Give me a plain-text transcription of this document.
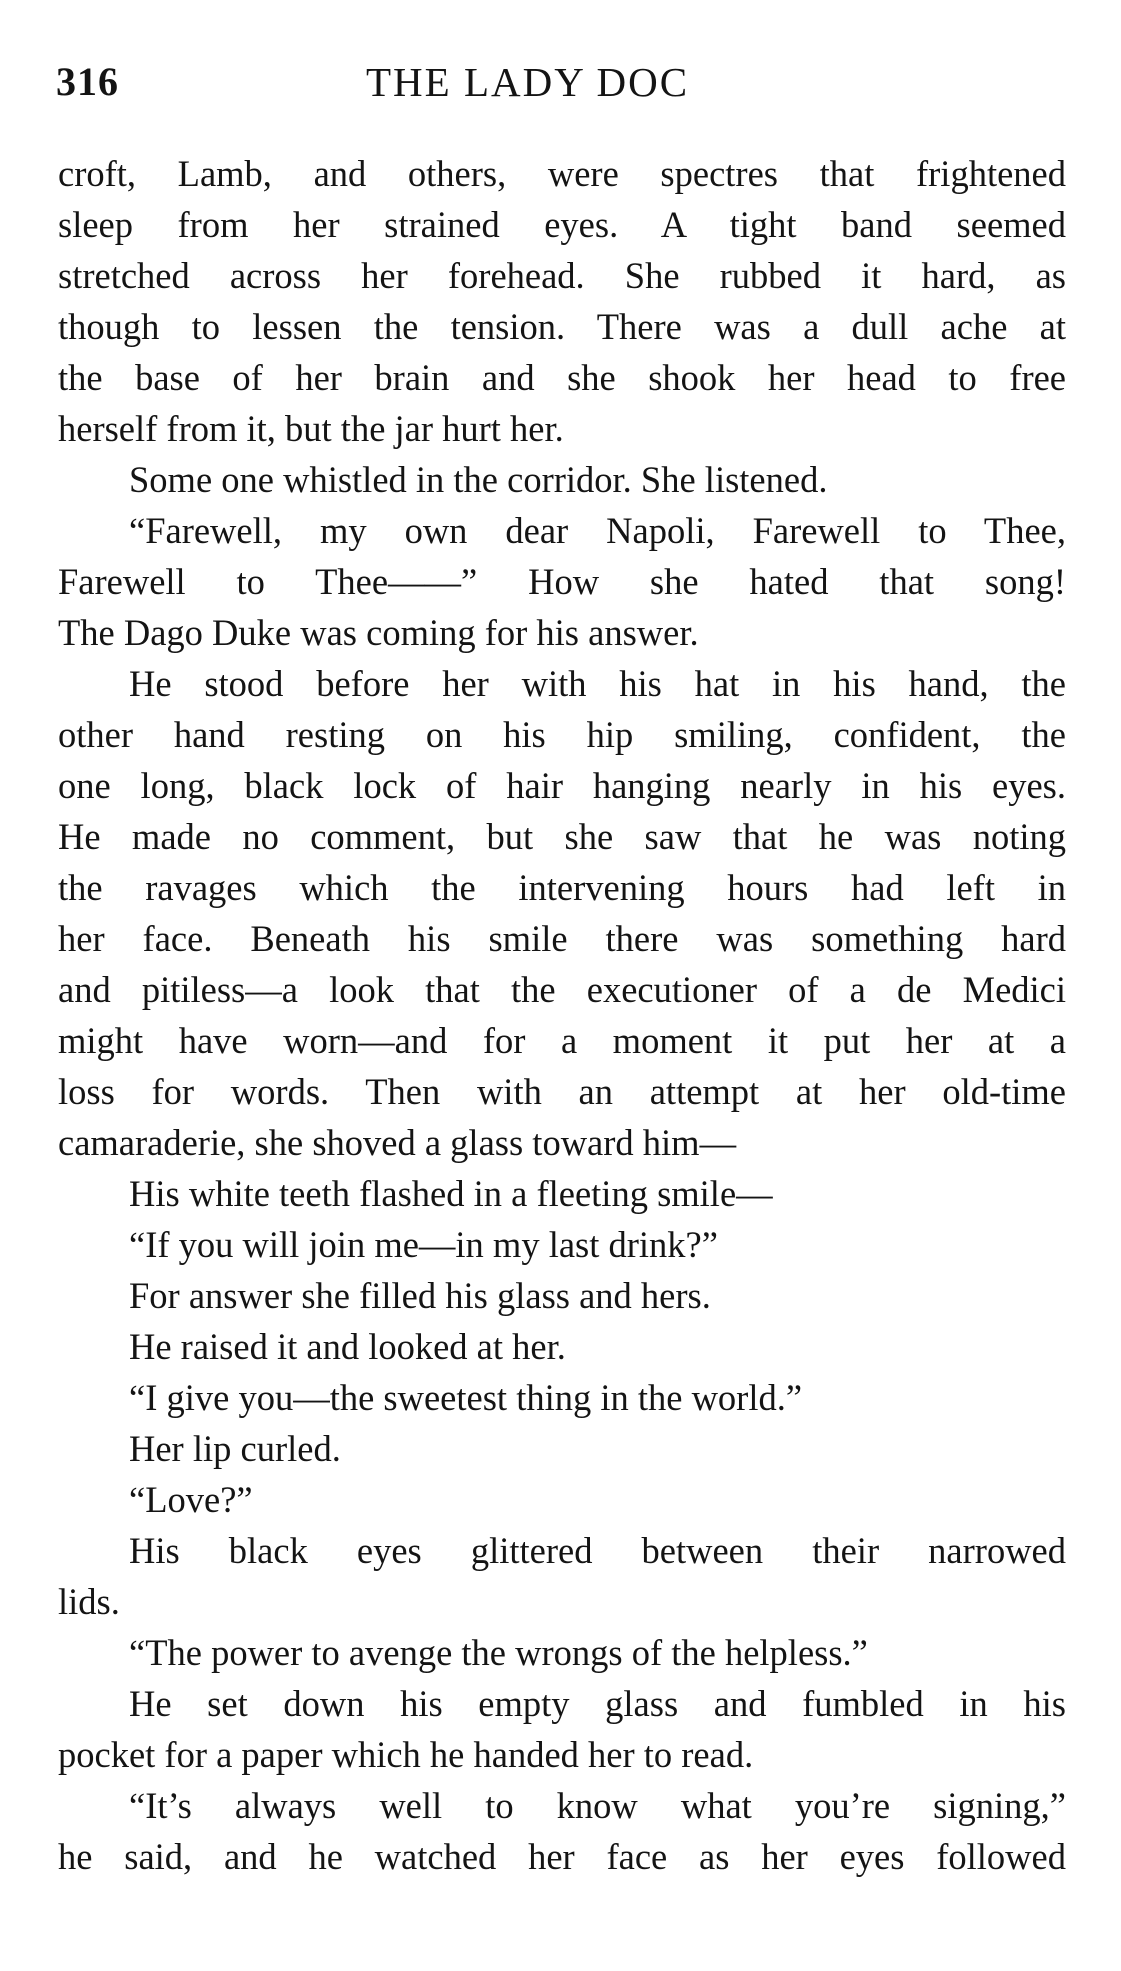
316	THE LADY DOC
croft, Lamb, and others, were spectres that frightened
sleep from her strained eyes. A tight band seemed
stretched across her forehead. She rubbed it hard, as
though to lessen the tension. There was a dull ache at
the base of her brain and she shook her head to free
herself from it, but the jar hurt her.
Some one whistled in the corridor. She listened.
“Farewell, my own dear Napoli, Farewell to Thee,
Farewell to Thee——” How she hated that song!
The Dago Duke was coming for his answer.
He stood before her with his hat in his hand, the
other hand resting on his hip smiling, confident, the
one long, black lock of hair hanging nearly in his eyes.
He made no comment, but she saw that he was noting
the ravages which the intervening hours had left in
her face. Beneath his smile there was something hard
and pitiless—a look that the executioner of a de Medici
might have worn—and for a moment it put her at a
loss for words. Then with an attempt at her old-time
camaraderie, she shoved a glass toward him—
His white teeth flashed in a fleeting smile—
“If you will join me—in my last drink?”
For answer she filled his glass and hers.
He raised it and looked at her.
“I give you—the sweetest thing in the world.”
Her lip curled.
“Love?”
His black eyes glittered between their narrowed
lids.
“The power to avenge the wrongs of the helpless.”
He set down his empty glass and fumbled in his
pocket for a paper which he handed her to read.
“It’s always well to know what you’re signing,”
he said, and he watched her face as her eyes followed
